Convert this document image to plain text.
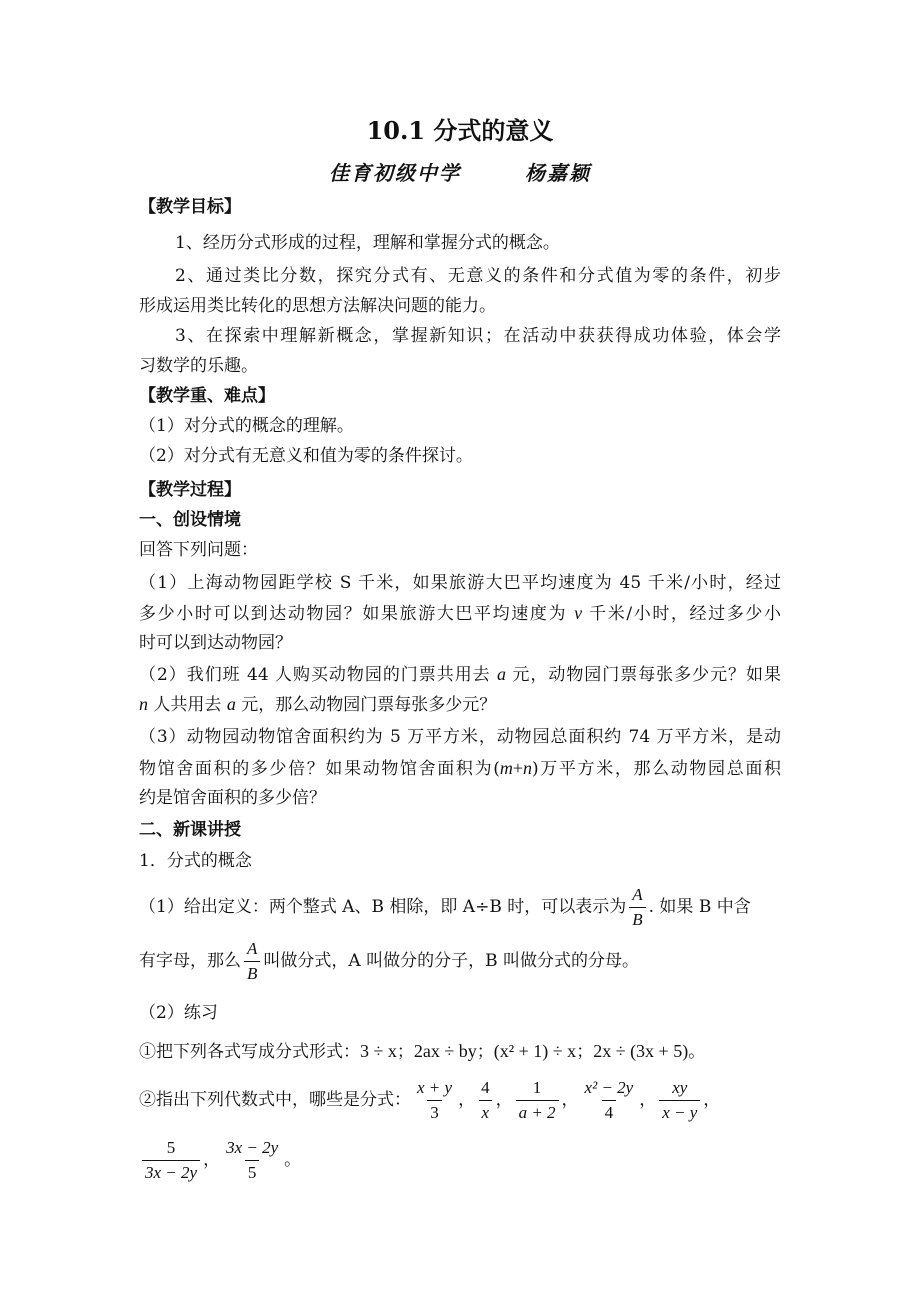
10.1 分式的意义
佳育初级中学	杨嘉颖
【教学目标】
1、经历分式形成的过程，理解和掌握分式的概念。
2、通过类比分数，探究分式有、无意义的条件和分式值为零的条件，初步
形成运用类比转化的思想方法解决问题的能力。
3、在探索中理解新概念，掌握新知识；在活动中获获得成功体验，体会学
习数学的乐趣。
【教学重、难点】
（1）对分式的概念的理解。
（2）对分式有无意义和值为零的条件探讨。
【教学过程】
一、创设情境
回答下列问题：
（1）上海动物园距学校 S 千米，如果旅游大巴平均速度为 45 千米/小时，经过
多少小时可以到达动物园？如果旅游大巴平均速度为 v 千米/小时，经过多少小
时可以到达动物园？
（2）我们班 44 人购买动物园的门票共用去 a 元，动物园门票每张多少元？如果
n 人共用去 a 元，那么动物园门票每张多少元？
（3）动物园动物馆舍面积约为 5 万平方米，动物园总面积约 74 万平方米，是动
物馆舍面积的多少倍？如果动物馆舍面积为(m+n)万平方米，那么动物园总面积
约是馆舍面积的多少倍？
二、新课讲授
1．分式的概念
（1）给出定义：两个整式 A、B 相除，即 A÷B 时，可以表示为 $\frac{A}{B}$ . 如果 B 中含
有字母，那么 $\frac{A}{B}$ 叫做分式，A 叫做分的分子，B 叫做分式的分母。
（2）练习
①把下列各式写成分式形式：3 ÷ x；2ax ÷ by；(x² + 1) ÷ x；2x ÷ (3x + 5)。
②指出下列代数式中，哪些是分式： $\frac{x + y}{3}$ ， $\frac{4}{x}$ ， $\frac{1}{a + 2}$ ， $\frac{\text{x² − 2y}}{4}$ ， $\frac{xy}{x - y}$ ，
$\frac{5}{3x - 2y}$ ， $\frac{3x - 2y}{5}$ 。
